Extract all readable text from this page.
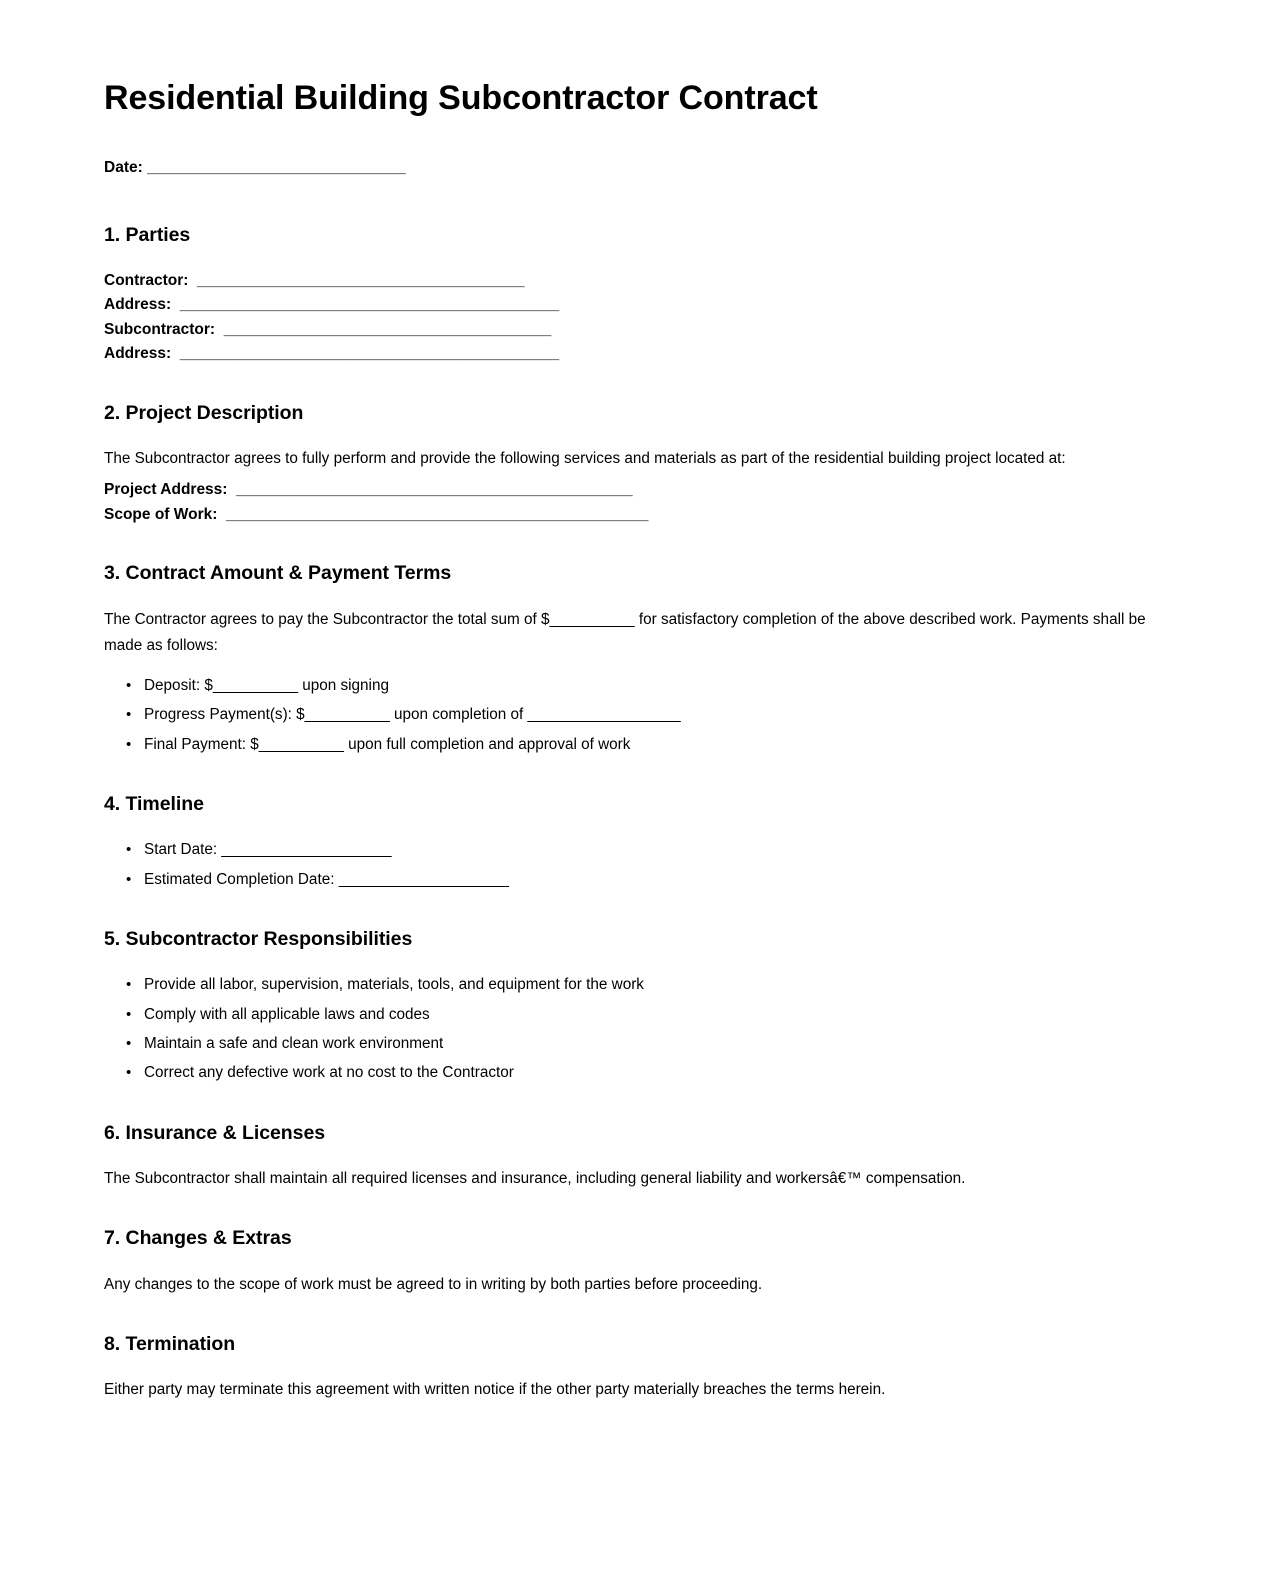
Residential Building Subcontractor Contract
Date: ______________________________
1. Parties
Contractor:  ______________________________________
Address:  ____________________________________________
Subcontractor:  ______________________________________
Address:  ____________________________________________
2. Project Description

The Subcontractor agrees to fully perform and provide the following services and materials as part of the residential building project located at:

Project Address:  ______________________________________________
Scope of Work:  _________________________________________________
3. Contract Amount & Payment Terms

The Contractor agrees to pay the Subcontractor the total sum of $__________ for satisfactory completion of the above described work. Payments shall be made as follows:

• Deposit: $__________ upon signing
• Progress Payment(s): $__________ upon completion of __________________
• Final Payment: $__________ upon full completion and approval of work
4. Timeline
• Start Date: ____________________
• Estimated Completion Date: ____________________
5. Subcontractor Responsibilities
• Provide all labor, supervision, materials, tools, and equipment for the work
• Comply with all applicable laws and codes
• Maintain a safe and clean work environment
• Correct any defective work at no cost to the Contractor
6. Insurance & Licenses

The Subcontractor shall maintain all required licenses and insurance, including general liability and workersâ€™ compensation.

7. Changes & Extras

Any changes to the scope of work must be agreed to in writing by both parties before proceeding.

8. Termination

Either party may terminate this agreement with written notice if the other party materially breaches the terms herein.
